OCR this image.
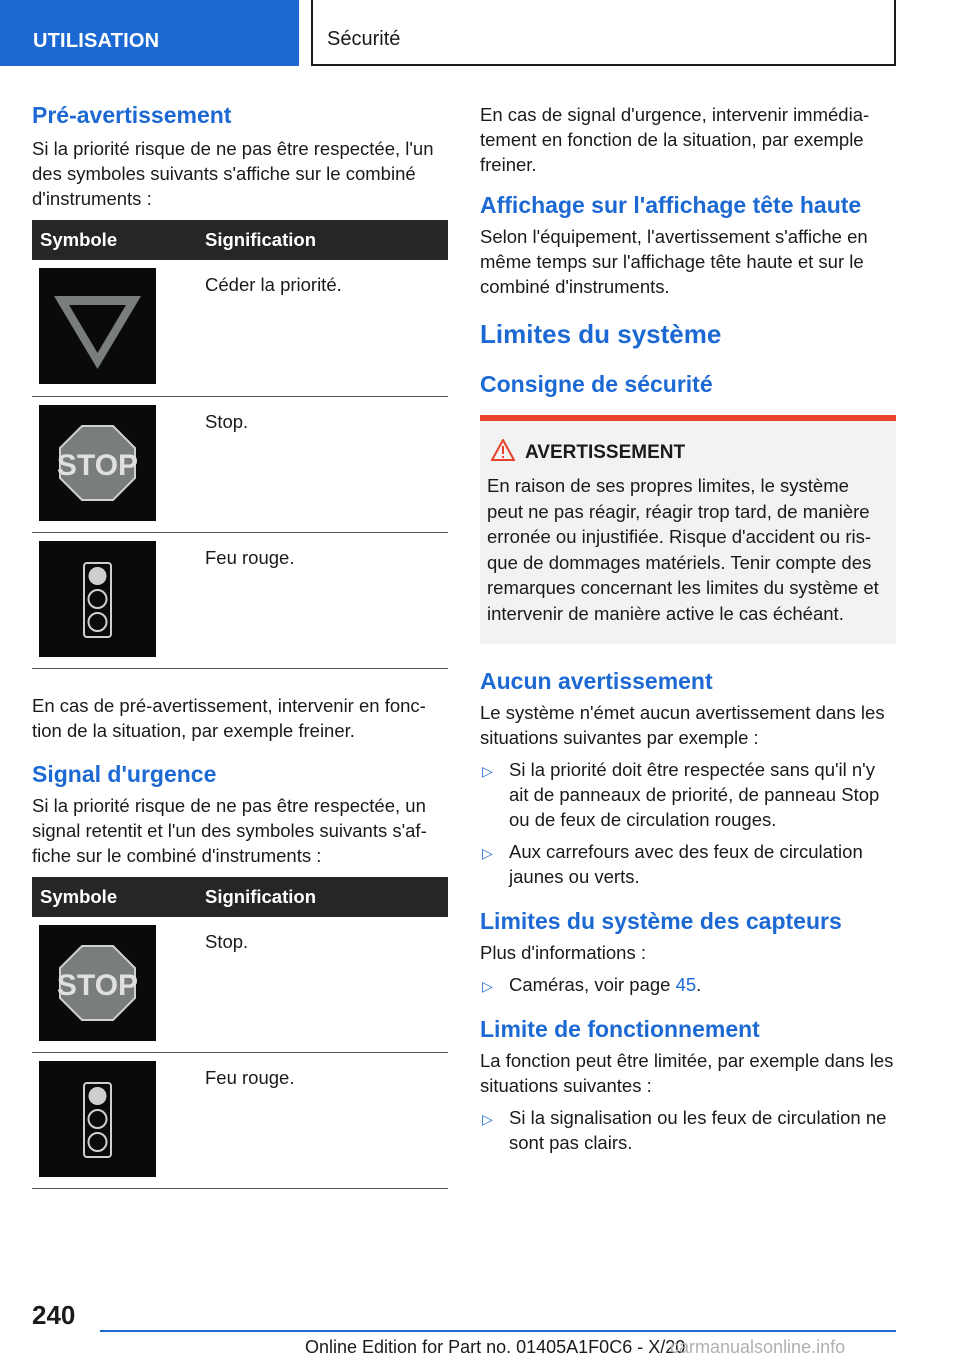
UTILISATION	Sécurité
Pré-avertissement
Si la priorité risque de ne pas être respectée, l'un des symboles suivants s'affiche sur le combiné d'instruments :
Symbole	Signification

	Céder la priorité.

STOP	Stop.

	Feu rouge.
En cas de pré-avertissement, intervenir en fonc-tion de la situation, par exemple freiner.
Signal d'urgence
Si la priorité risque de ne pas être respectée, un signal retentit et l'un des symboles suivants s'af-fiche sur le combiné d'instruments :
Symbole	Signification

STOP	Stop.

	Feu rouge.
En cas de signal d'urgence, intervenir immédia-tement en fonction de la situation, par exemple freiner.
Affichage sur l'affichage tête haute
Selon l'équipement, l'avertissement s'affiche en même temps sur l'affichage tête haute et sur le combiné d'instruments.
Limites du système
Consigne de sécurité
AVERTISSEMENT
En raison de ses propres limites, le système peut ne pas réagir, réagir trop tard, de manière erronée ou injustifiée. Risque d'accident ou ris-que de dommages matériels. Tenir compte des remarques concernant les limites du système et intervenir de manière active le cas échéant.
Aucun avertissement
Le système n'émet aucun avertissement dans les situations suivantes par exemple :
▷ Si la priorité doit être respectée sans qu'il n'y ait de panneaux de priorité, de panneau Stop ou de feux de circulation rouges.
▷ Aux carrefours avec des feux de circulation jaunes ou verts.
Limites du système des capteurs
Plus d'informations :
▷ Caméras, voir page 45.
Limite de fonctionnement
La fonction peut être limitée, par exemple dans les situations suivantes :
▷ Si la signalisation ou les feux de circulation ne sont pas clairs.
240
Online Edition for Part no. 01405A1F0C6 - X/20
carmanualsonline.info
